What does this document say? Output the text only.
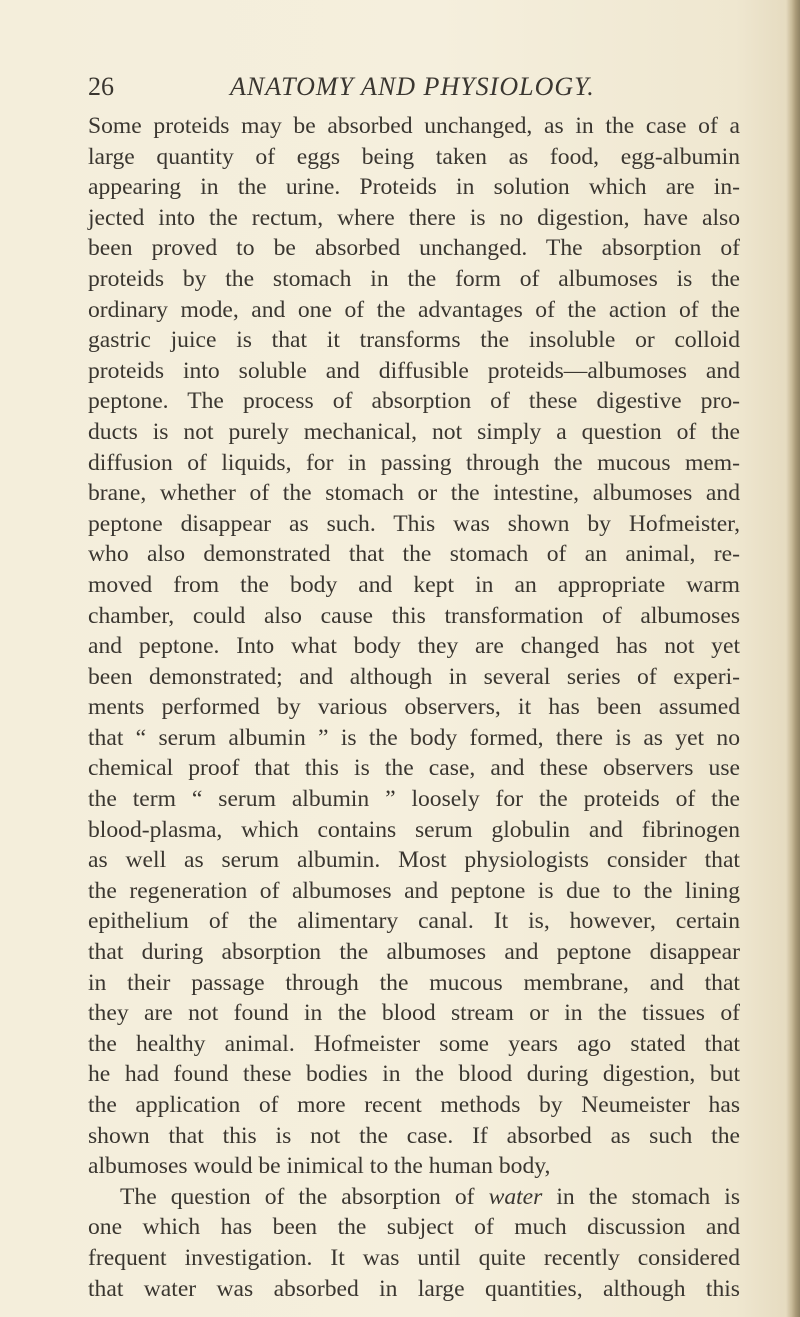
26	ANATOMY AND PHYSIOLOGY.
Some proteids may be absorbed unchanged, as in the case of a
large quantity of eggs being taken as food, egg-albumin
appearing in the urine. Proteids in solution which are in-
jected into the rectum, where there is no digestion, have also
been proved to be absorbed unchanged. The absorption of
proteids by the stomach in the form of albumoses is the
ordinary mode, and one of the advantages of the action of the
gastric juice is that it transforms the insoluble or colloid
proteids into soluble and diffusible proteids—albumoses and
peptone. The process of absorption of these digestive pro-
ducts is not purely mechanical, not simply a question of the
diffusion of liquids, for in passing through the mucous mem-
brane, whether of the stomach or the intestine, albumoses and
peptone disappear as such. This was shown by Hofmeister,
who also demonstrated that the stomach of an animal, re-
moved from the body and kept in an appropriate warm
chamber, could also cause this transformation of albumoses
and peptone. Into what body they are changed has not yet
been demonstrated; and although in several series of experi-
ments performed by various observers, it has been assumed
that “ serum albumin ” is the body formed, there is as yet no
chemical proof that this is the case, and these observers use
the term “ serum albumin ” loosely for the proteids of the
blood-plasma, which contains serum globulin and fibrinogen
as well as serum albumin. Most physiologists consider that
the regeneration of albumoses and peptone is due to the lining
epithelium of the alimentary canal. It is, however, certain
that during absorption the albumoses and peptone disappear
in their passage through the mucous membrane, and that
they are not found in the blood stream or in the tissues of
the healthy animal. Hofmeister some years ago stated that
he had found these bodies in the blood during digestion, but
the application of more recent methods by Neumeister has
shown that this is not the case. If absorbed as such the
albumoses would be inimical to the human body,
The question of the absorption of water in the stomach is
one which has been the subject of much discussion and
frequent investigation. It was until quite recently considered
that water was absorbed in large quantities, although this
